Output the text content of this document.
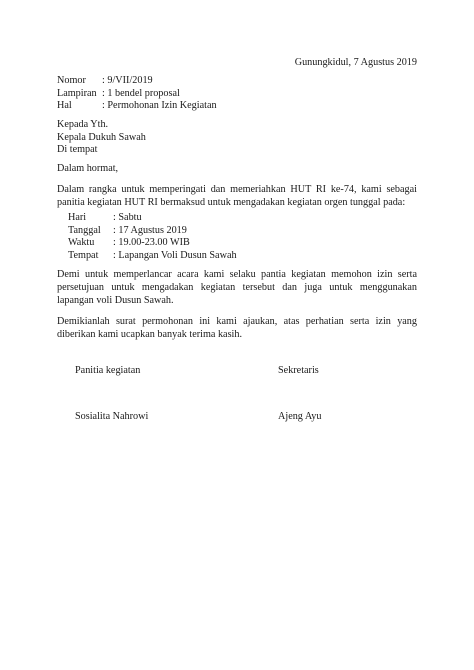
Gunungkidul, 7 Agustus 2019
Nomor	: 9/VII/2019
Lampiran : 1 bendel proposal
Hal	: Permohonan Izin Kegiatan
Kepada Yth.
Kepala Dukuh Sawah
Di tempat
Dalam hormat,
Dalam rangka untuk memperingati dan memeriahkan HUT RI ke-74, kami sebagai panitia kegiatan HUT RI bermaksud untuk mengadakan kegiatan orgen tunggal pada:
Hari	: Sabtu
Tanggal	: 17 Agustus 2019
Waktu	: 19.00-23.00 WIB
Tempat	: Lapangan Voli Dusun Sawah
Demi untuk memperlancar acara kami selaku pantia kegiatan memohon izin serta persetujuan untuk mengadakan kegiatan tersebut dan juga untuk menggunakan lapangan voli Dusun Sawah.
Demikianlah surat permohonan ini kami ajaukan, atas perhatian serta izin yang diberikan kami ucapkan banyak terima kasih.
Panitia kegiatan	Sekretaris
Sosialita Nahrowi	Ajeng Ayu
